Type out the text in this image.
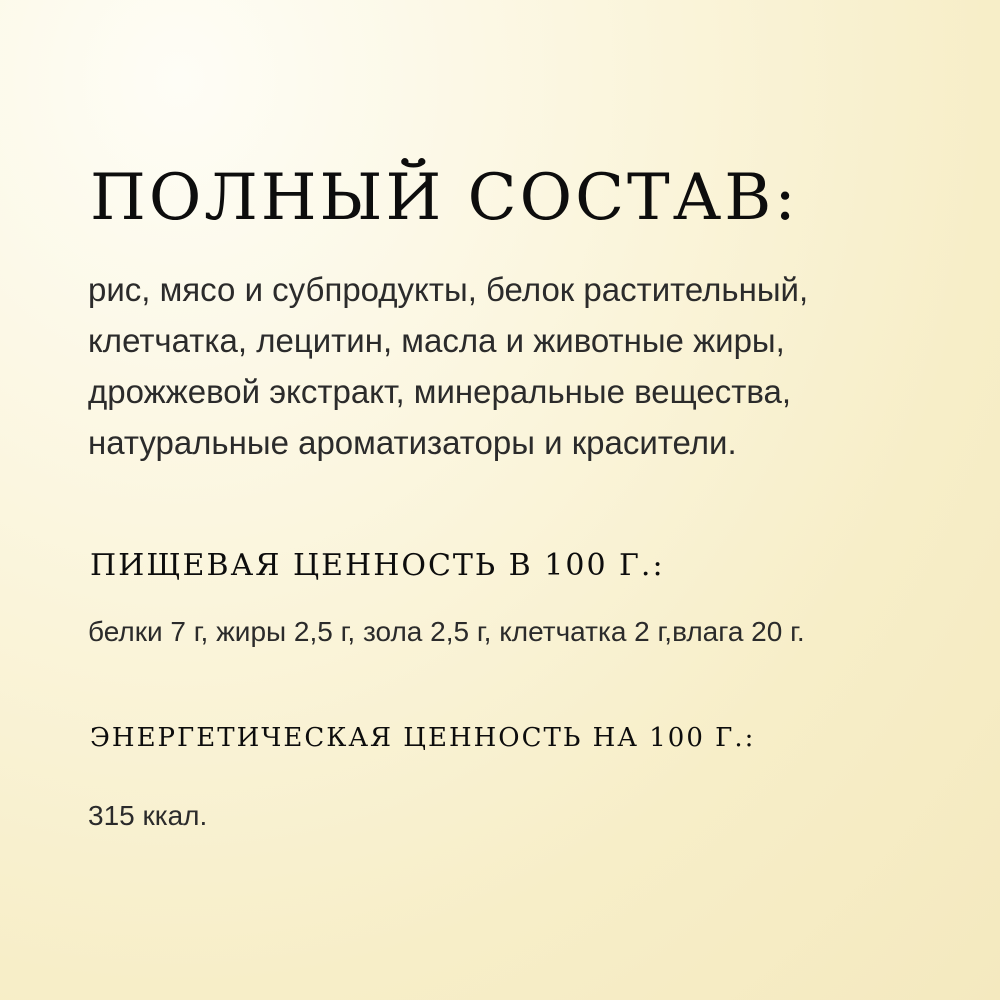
ПОЛНЫЙ СОСТАВ:

рис, мясо и субпродукты, белок растительный,
клетчатка, лецитин, масла и животные жиры,
дрожжевой экстракт, минеральные вещества,
натуральные ароматизаторы и красители.

ПИЩЕВАЯ ЦЕННОСТЬ В 100 Г.:

белки 7 г, жиры 2,5 г, зола 2,5 г, клетчатка 2 г,влага 20 г.

ЭНЕРГЕТИЧЕСКАЯ ЦЕННОСТЬ НА 100 Г.:

315 ккал.
